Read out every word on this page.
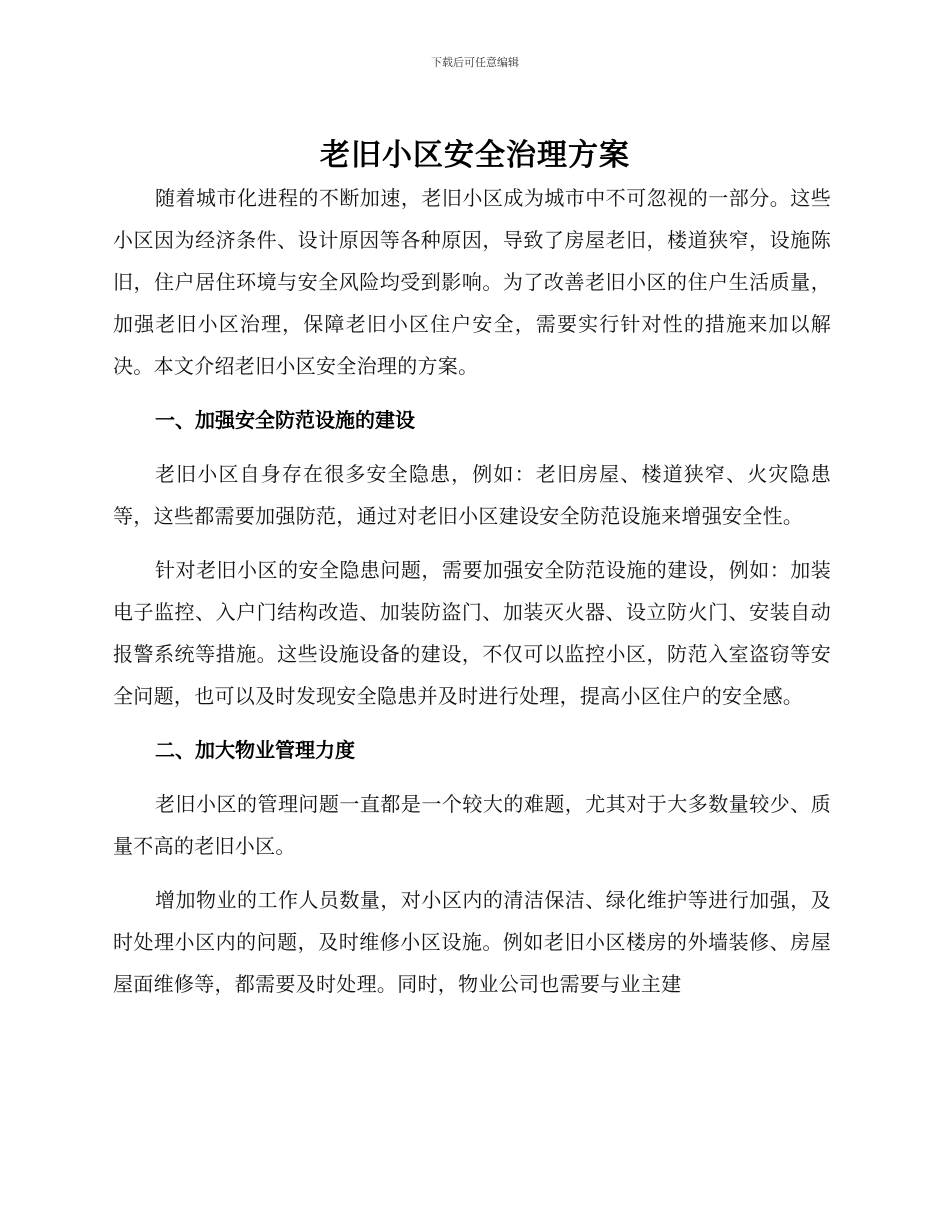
下载后可任意编辑
老旧小区安全治理方案

随着城市化进程的不断加速，老旧小区成为城市中不可忽视的一部分。这些小区因为经济条件、设计原因等各种原因，导致了房屋老旧，楼道狭窄，设施陈旧，住户居住环境与安全风险均受到影响。为了改善老旧小区的住户生活质量，加强老旧小区治理，保障老旧小区住户安全，需要实行针对性的措施来加以解决。本文介绍老旧小区安全治理的方案。

一、加强安全防范设施的建设

老旧小区自身存在很多安全隐患，例如：老旧房屋、楼道狭窄、火灾隐患等，这些都需要加强防范，通过对老旧小区建设安全防范设施来增强安全性。

针对老旧小区的安全隐患问题，需要加强安全防范设施的建设，例如：加装电子监控、入户门结构改造、加装防盗门、加装灭火器、设立防火门、安装自动报警系统等措施。这些设施设备的建设，不仅可以监控小区，防范入室盗窃等安全问题，也可以及时发现安全隐患并及时进行处理，提高小区住户的安全感。

二、加大物业管理力度

老旧小区的管理问题一直都是一个较大的难题，尤其对于大多数量较少、质量不高的老旧小区。

增加物业的工作人员数量，对小区内的清洁保洁、绿化维护等进行加强，及时处理小区内的问题，及时维修小区设施。例如老旧小区楼房的外墙装修、房屋屋面维修等，都需要及时处理。同时，物业公司也需要与业主建
